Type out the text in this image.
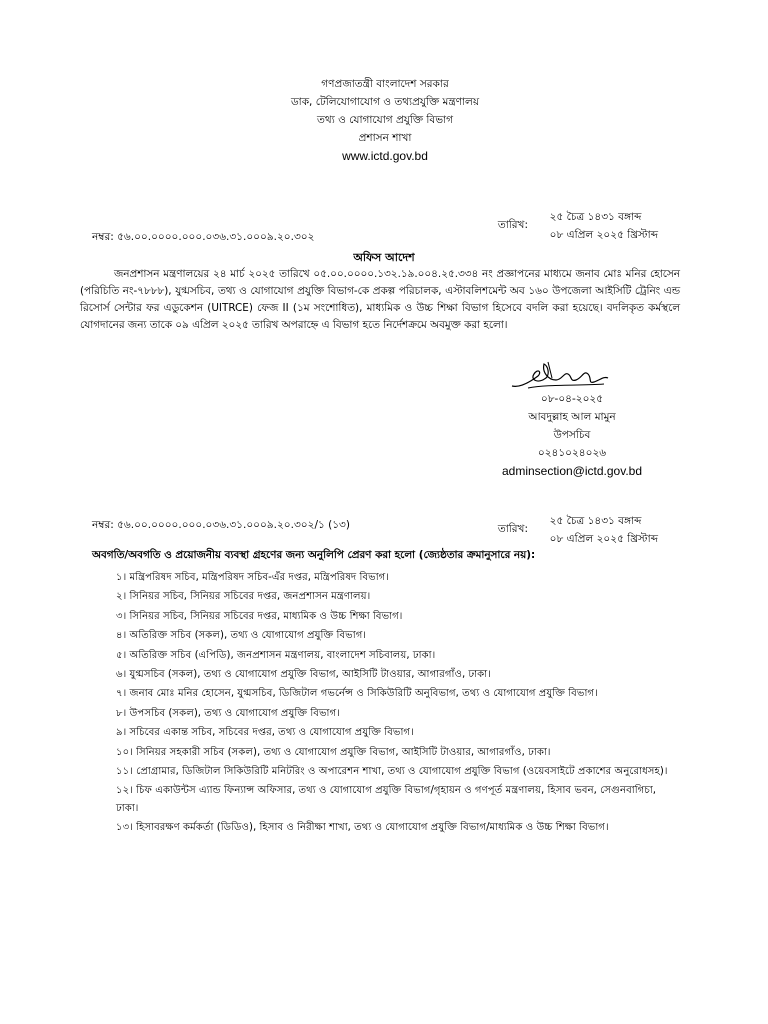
গণপ্রজাতন্ত্রী বাংলাদেশ সরকার
ডাক, টেলিযোগাযোগ ও তথ্যপ্রযুক্তি মন্ত্রণালয়
তথ্য ও যোগাযোগ প্রযুক্তি বিভাগ
প্রশাসন শাখা
www.ictd.gov.bd
তারিখ:
২৫ চৈত্র ১৪৩১ বঙ্গাব্দ
০৮ এপ্রিল ২০২৫ খ্রিস্টাব্দ
নম্বর: ৫৬.০০.০০০০.০০০.০৩৬.৩১.০০০৯.২০.৩০২
অফিস আদেশ
জনপ্রশাসন মন্ত্রণালয়ের ২৪ মার্চ ২০২৫ তারিখে ০৫.০০.০০০০.১৩২.১৯.০০৪.২৫.৩৩৪ নং প্রজ্ঞাপনের মাধ্যমে জনাব মোঃ মনির হোসেন (পরিচিতি নং-৭৮৮৮), যুগ্মসচিব, তথ্য ও যোগাযোগ প্রযুক্তি বিভাগ-কে প্রকল্প পরিচালক, এস্টাবলিশমেন্ট অব ১৬০ উপজেলা আইসিটি ট্রেনিং এন্ড রিসোর্স সেন্টার ফর এডুকেশন (UITRCE) ফেজ II (১ম সংশোধিত), মাধ্যমিক ও উচ্চ শিক্ষা বিভাগ হিসেবে বদলি করা হয়েছে। বদলিকৃত কর্মস্থলে যোগদানের জন্য তাকে ০৯ এপ্রিল ২০২৫ তারিখ অপরাহ্নে এ বিভাগ হতে নির্দেশক্রমে অবমুক্ত করা হলো।
০৮-০৪-২০২৫
আবদুল্লাহ আল মামুন
উপসচিব
০২৪১০২৪০২৬
adminsection@ictd.gov.bd
তারিখ:
২৫ চৈত্র ১৪৩১ বঙ্গাব্দ
০৮ এপ্রিল ২০২৫ খ্রিস্টাব্দ
নম্বর: ৫৬.০০.০০০০.০০০.০৩৬.৩১.০০০৯.২০.৩০২/১ (১৩)
অবগতি/অবগতি ও প্রয়োজনীয় ব্যবস্থা গ্রহণের জন্য অনুলিপি প্রেরণ করা হলো (জ্যেষ্ঠতার ক্রমানুসারে নয়):
১। মন্ত্রিপরিষদ সচিব, মন্ত্রিপরিষদ সচিব-এঁর দপ্তর, মন্ত্রিপরিষদ বিভাগ।
২। সিনিয়র সচিব, সিনিয়র সচিবের দপ্তর, জনপ্রশাসন মন্ত্রণালয়।
৩। সিনিয়র সচিব, সিনিয়র সচিবের দপ্তর, মাধ্যমিক ও উচ্চ শিক্ষা বিভাগ।
৪। অতিরিক্ত সচিব (সকল), তথ্য ও যোগাযোগ প্রযুক্তি বিভাগ।
৫। অতিরিক্ত সচিব (এপিডি), জনপ্রশাসন মন্ত্রণালয়, বাংলাদেশ সচিবালয়, ঢাকা।
৬। যুগ্মসচিব (সকল), তথ্য ও যোগাযোগ প্রযুক্তি বিভাগ, আইসিটি টাওয়ার, আগারগাঁও, ঢাকা।
৭। জনাব মোঃ মনির হোসেন, যুগ্মসচিব, ডিজিটাল গভর্নেন্স ও সিকিউরিটি অনুবিভাগ, তথ্য ও যোগাযোগ প্রযুক্তি বিভাগ।
৮। উপসচিব (সকল), তথ্য ও যোগাযোগ প্রযুক্তি বিভাগ।
৯। সচিবের একান্ত সচিব, সচিবের দপ্তর, তথ্য ও যোগাযোগ প্রযুক্তি বিভাগ।
১০। সিনিয়র সহকারী সচিব (সকল), তথ্য ও যোগাযোগ প্রযুক্তি বিভাগ, আইসিটি টাওয়ার, আগারগাঁও, ঢাকা।
১১। প্রোগ্রামার, ডিজিটাল সিকিউরিটি মনিটরিং ও অপারেশন শাখা, তথ্য ও যোগাযোগ প্রযুক্তি বিভাগ (ওয়েবসাইটে প্রকাশের অনুরোধসহ)।
১২। চিফ একাউন্টস এ্যান্ড ফিন্যান্স অফিসার, তথ্য ও যোগাযোগ প্রযুক্তি বিভাগ/গৃহায়ন ও গণপূর্ত মন্ত্রণালয়, হিসাব ভবন, সেগুনবাগিচা, ঢাকা।
১৩। হিসাবরক্ষণ কর্মকর্তা (ডিডিও), হিসাব ও নিরীক্ষা শাখা, তথ্য ও যোগাযোগ প্রযুক্তি বিভাগ/মাধ্যমিক ও উচ্চ শিক্ষা বিভাগ।
